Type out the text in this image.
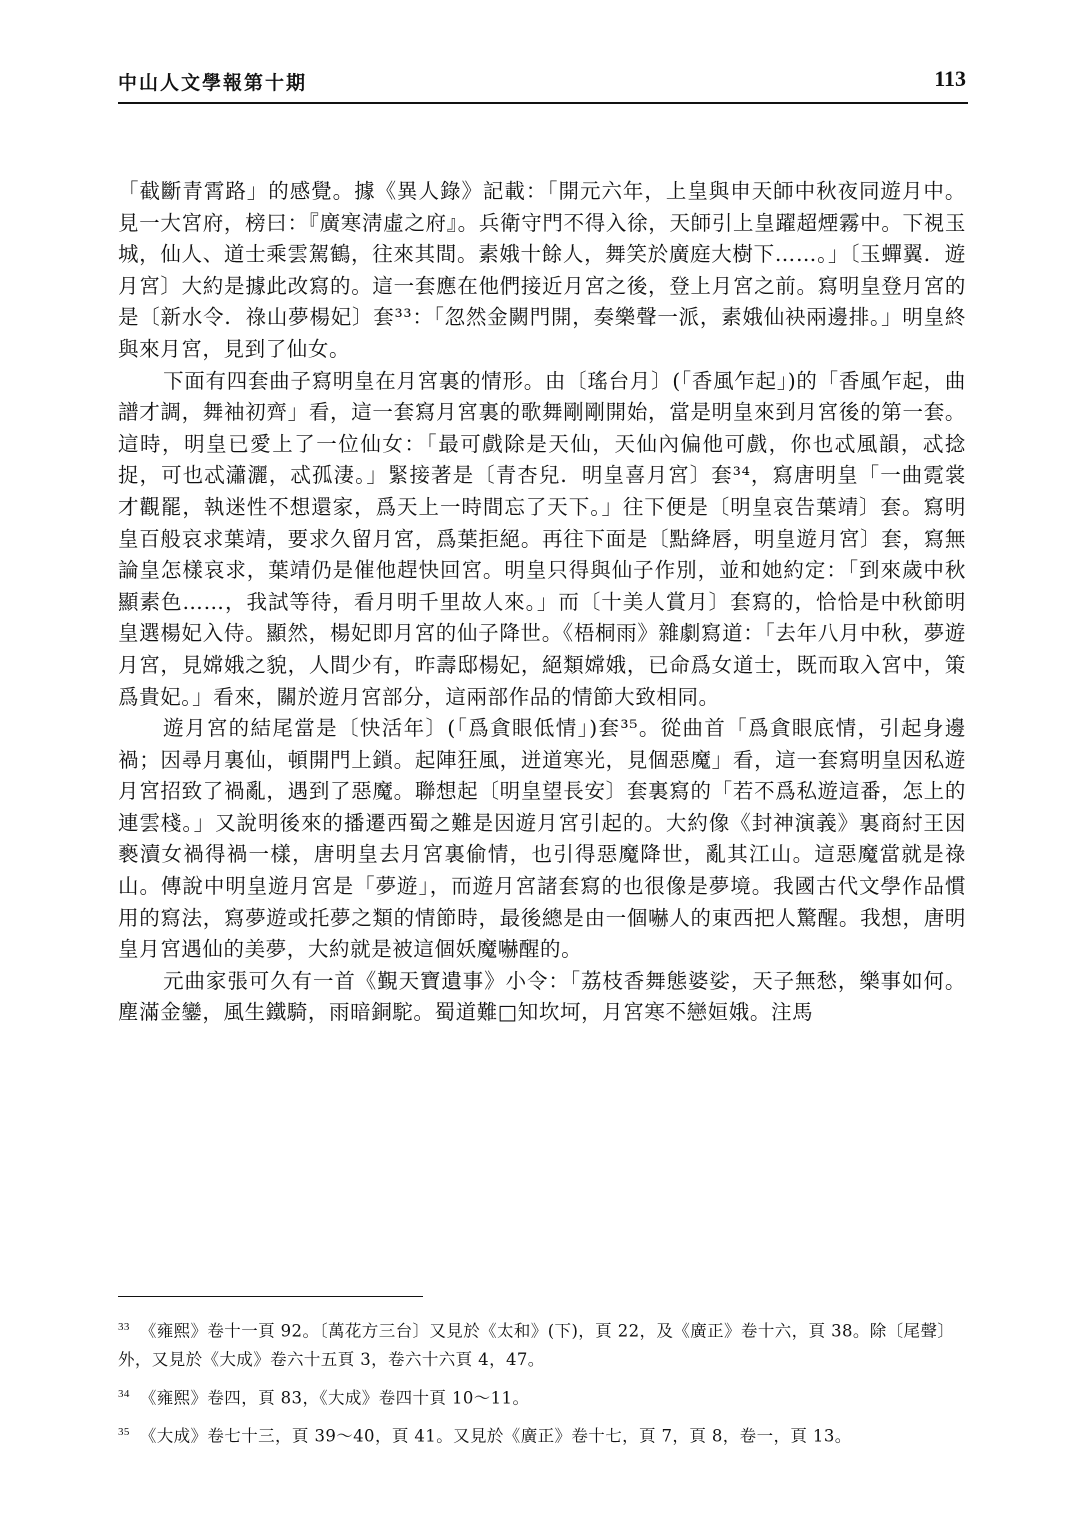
中山人文學報第十期	113

「截斷青霄路」的感覺。據《異人錄》記載：「開元六年，上皇與申天師中秋夜同遊月中。見一大宮府，榜曰：『廣寒淸虛之府』。兵衛守門不得入徐，天師引上皇躍超煙霧中。下視玉城，仙人、道士乘雲駕鶴，往來其間。素娥十餘人，舞笑於廣庭大樹下……。」〔玉蟬翼．遊月宮〕大約是據此改寫的。這一套應在他們接近月宮之後，登上月宮之前。寫明皇登月宮的是〔新水令．祿山夢楊妃〕套³³：「忽然金闕門開，奏樂聲一派，素娥仙袂兩邊排。」明皇終與來月宮，見到了仙女。

下面有四套曲子寫明皇在月宮裏的情形。由〔瑤台月〕(「香風乍起」)的「香風乍起，曲譜才調，舞袖初齊」看，這一套寫月宮裏的歌舞剛剛開始，當是明皇來到月宮後的第一套。這時，明皇已愛上了一位仙女：「最可戲除是天仙，天仙內偏他可戲，你也忒風韻，忒捻捉，可也忒瀟灑，忒孤淒。」緊接著是〔青杏兒．明皇喜月宮〕套³⁴，寫唐明皇「一曲霓裳才觀罷，執迷性不想還家，爲天上一時間忘了天下。」往下便是〔明皇哀告葉靖〕套。寫明皇百般哀求葉靖，要求久留月宮，爲葉拒絕。再往下面是〔點絳唇，明皇遊月宮〕套，寫無論皇怎樣哀求，葉靖仍是催他趕快回宮。明皇只得與仙子作別，並和她約定：「到來歲中秋顯素色……，我試等待，看月明千里故人來。」而〔十美人賞月〕套寫的，恰恰是中秋節明皇選楊妃入侍。顯然，楊妃即月宮的仙子降世。《梧桐雨》雜劇寫道：「去年八月中秋，夢遊月宮，見嫦娥之貌，人間少有，昨壽邸楊妃，絕類嫦娥，已命爲女道士，既而取入宮中，策爲貴妃。」看來，關於遊月宮部分，這兩部作品的情節大致相同。

遊月宮的結尾當是〔快活年〕(「爲貪眼低情」)套³⁵。從曲首「爲貪眼底情，引起身邊禍；因尋月裏仙，頓開門上鎖。起陣狂風，迸道寒光，見個惡魔」看，這一套寫明皇因私遊月宮招致了禍亂，遇到了惡魔。聯想起〔明皇望長安〕套裏寫的「若不爲私遊這番，怎上的連雲棧。」又說明後來的播遷西蜀之難是因遊月宮引起的。大約像《封神演義》裏商紂王因褻瀆女禍得禍一樣，唐明皇去月宮裏偷情，也引得惡魔降世，亂其江山。這惡魔當就是祿山。傳說中明皇遊月宮是「夢遊」，而遊月宮諸套寫的也很像是夢境。我國古代文學作品慣用的寫法，寫夢遊或托夢之類的情節時，最後總是由一個嚇人的東西把人驚醒。我想，唐明皇月宮遇仙的美夢，大約就是被這個妖魔嚇醒的。

元曲家張可久有一首《覲天寶遺事》小令：「荔枝香舞態婆娑，天子無愁，樂事如何。塵滿金鑾，風生鐵騎，雨暗銅駝。蜀道難□知坎坷，月宮寒不戀姮娥。注馬

$^{33}$ 《雍熙》卷十一頁 92。〔萬花方三台〕又見於《太和》(下)，頁 22，及《廣正》卷十六，頁 38。除〔尾聲〕外，又見於《大成》卷六十五頁 3，卷六十六頁 4，47。

$^{34}$ 《雍熙》卷四，頁 83，《大成》卷四十頁 10～11。

$^{35}$ 《大成》卷七十三，頁 39～40，頁 41。又見於《廣正》卷十七，頁 7，頁 8，卷一，頁 13。
